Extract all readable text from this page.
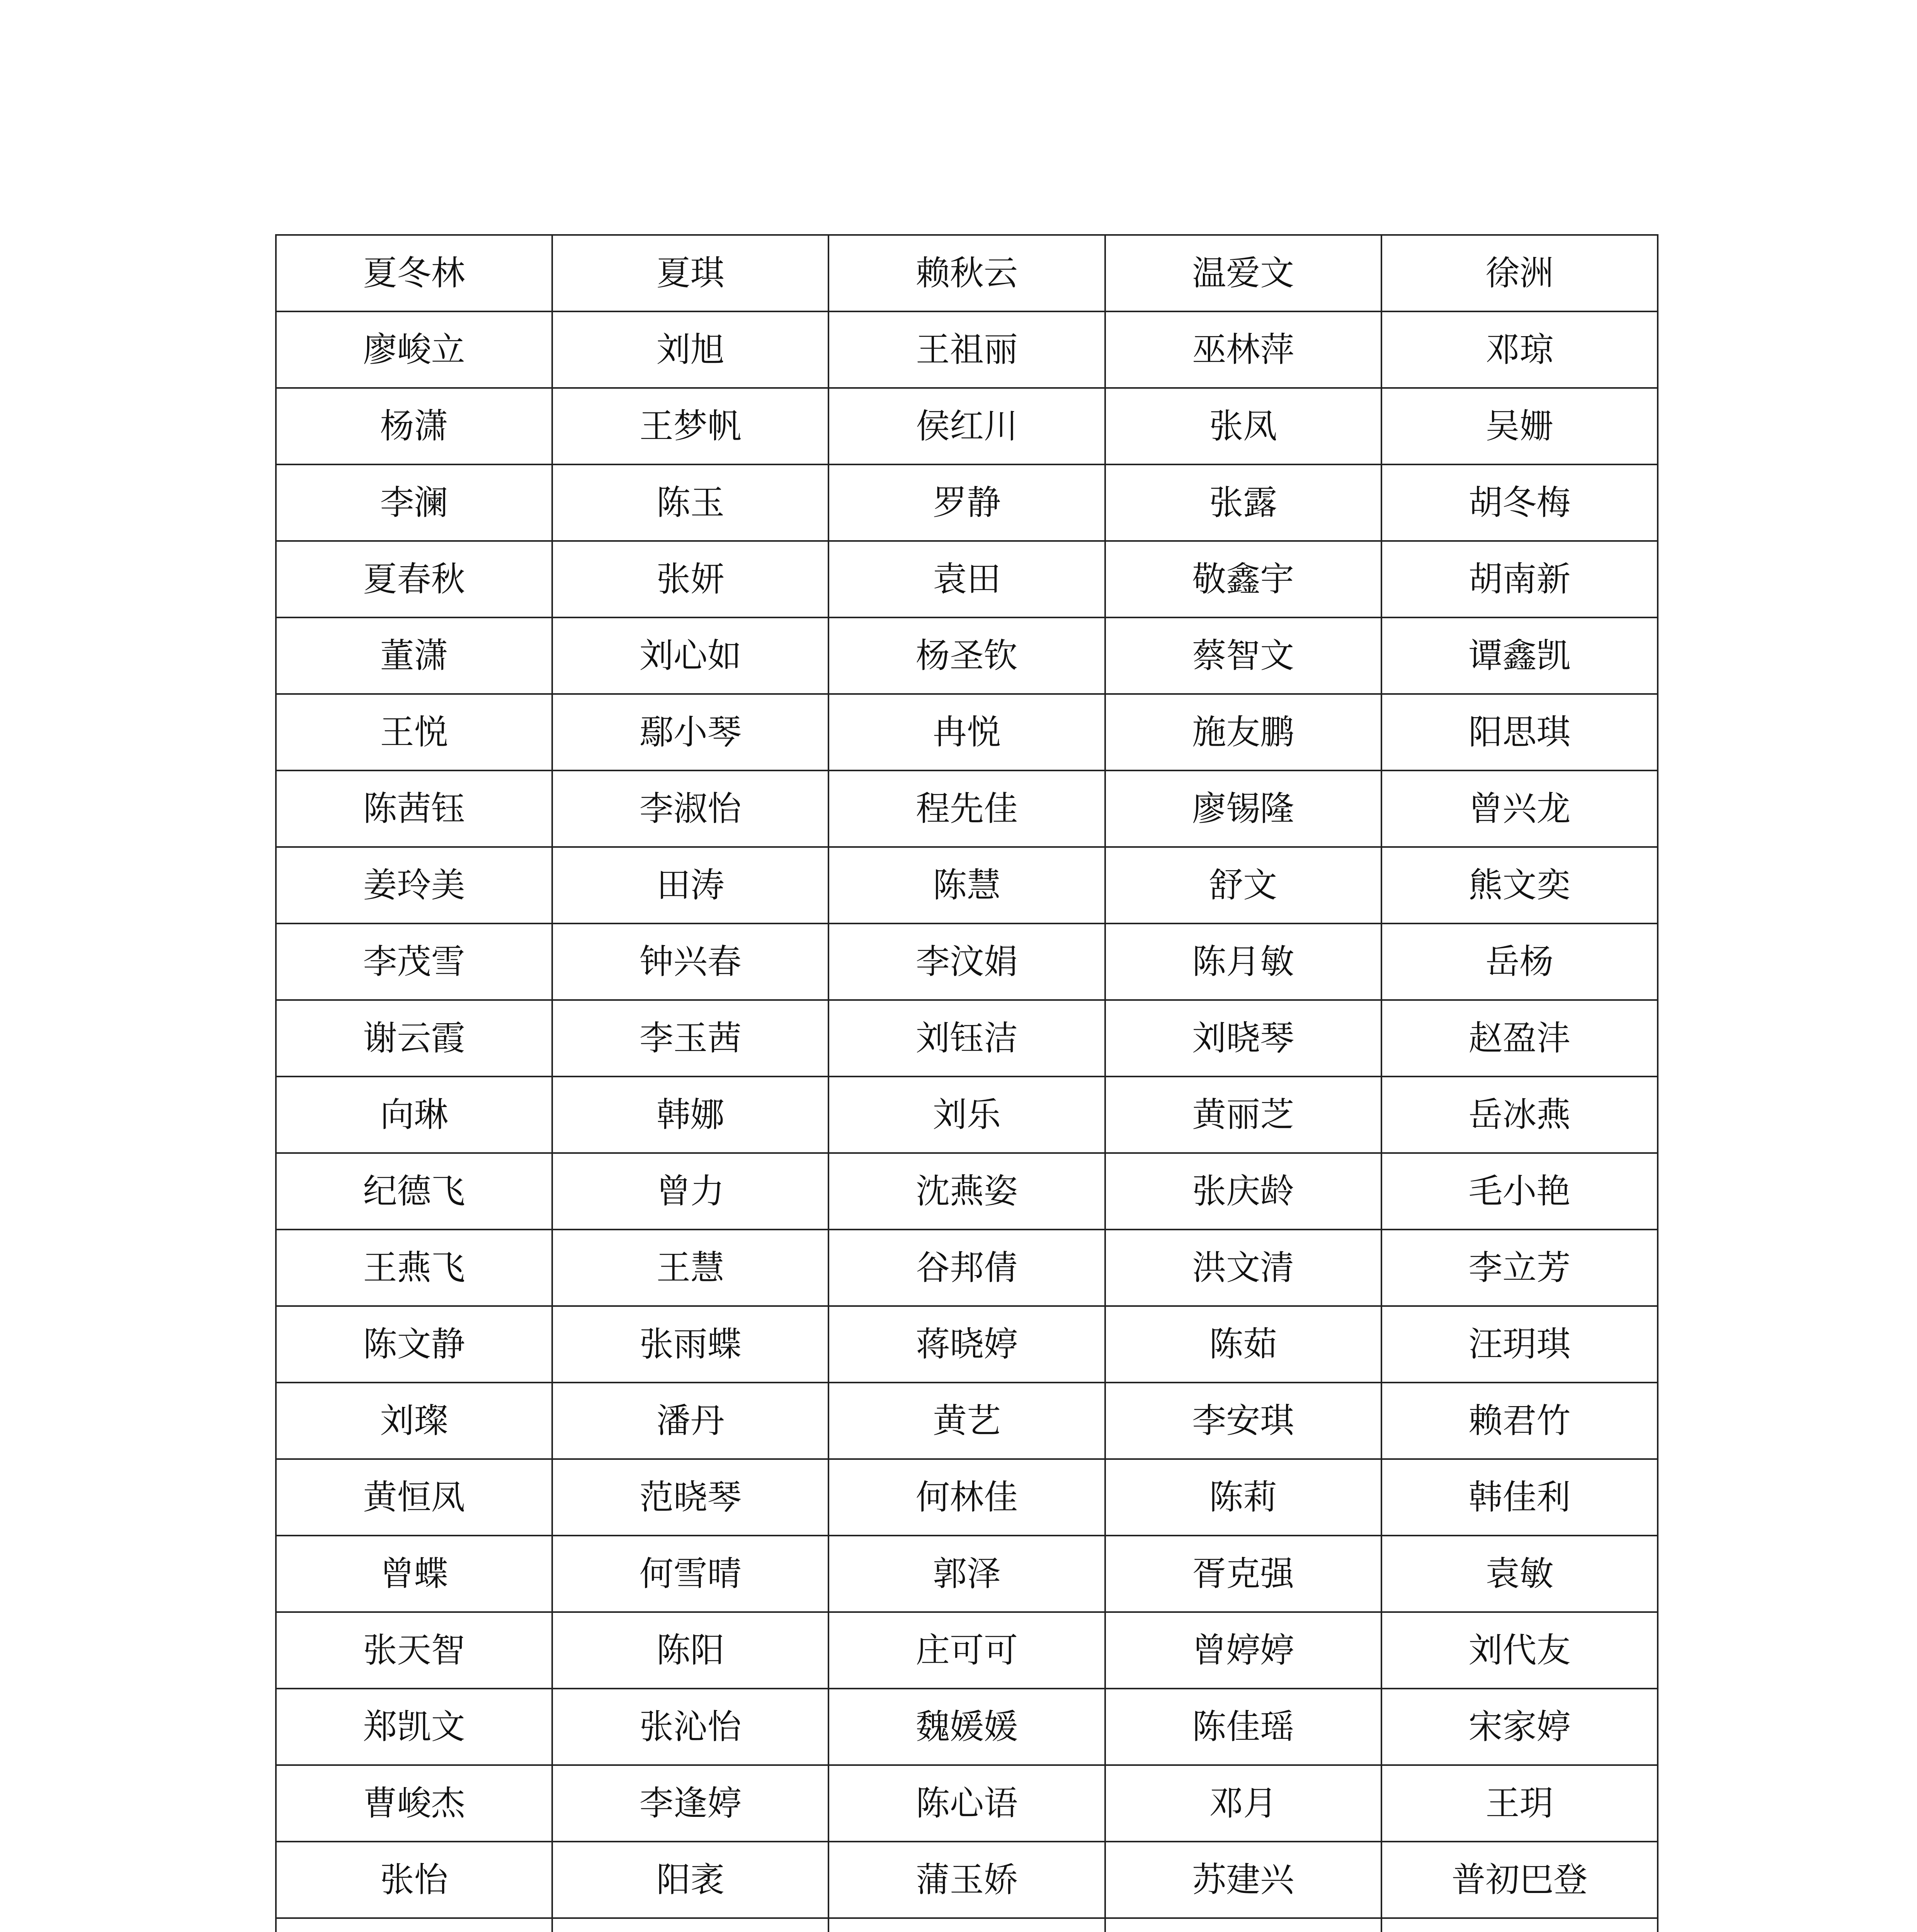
夏冬林	夏琪	赖秋云	温爱文	徐洲
廖峻立	刘旭	王祖丽	巫林萍	邓琼
杨潇	王梦帆	侯红川	张凤	吴姗
李澜	陈玉	罗静	张露	胡冬梅
夏春秋	张妍	袁田	敬鑫宇	胡南新
董潇	刘心如	杨圣钦	蔡智文	谭鑫凯
王悦	鄢小琴	冉悦	施友鹏	阳思琪
陈茜钰	李淑怡	程先佳	廖锡隆	曾兴龙
姜玲美	田涛	陈慧	舒文	熊文奕
李茂雪	钟兴春	李汶娟	陈月敏	岳杨
谢云霞	李玉茜	刘钰洁	刘晓琴	赵盈沣
向琳	韩娜	刘乐	黄丽芝	岳冰燕
纪德飞	曾力	沈燕姿	张庆龄	毛小艳
王燕飞	王慧	谷邦倩	洪文清	李立芳
陈文静	张雨蝶	蒋晓婷	陈茹	汪玥琪
刘璨	潘丹	黄艺	李安琪	赖君竹
黄恒凤	范晓琴	何林佳	陈莉	韩佳利
曾蝶	何雪晴	郭泽	胥克强	袁敏
张天智	陈阳	庄可可	曾婷婷	刘代友
郑凯文	张沁怡	魏媛媛	陈佳瑶	宋家婷
曹峻杰	李逢婷	陈心语	邓月	王玥
张怡	阳袤	蒲玉娇	苏建兴	普初巴登
